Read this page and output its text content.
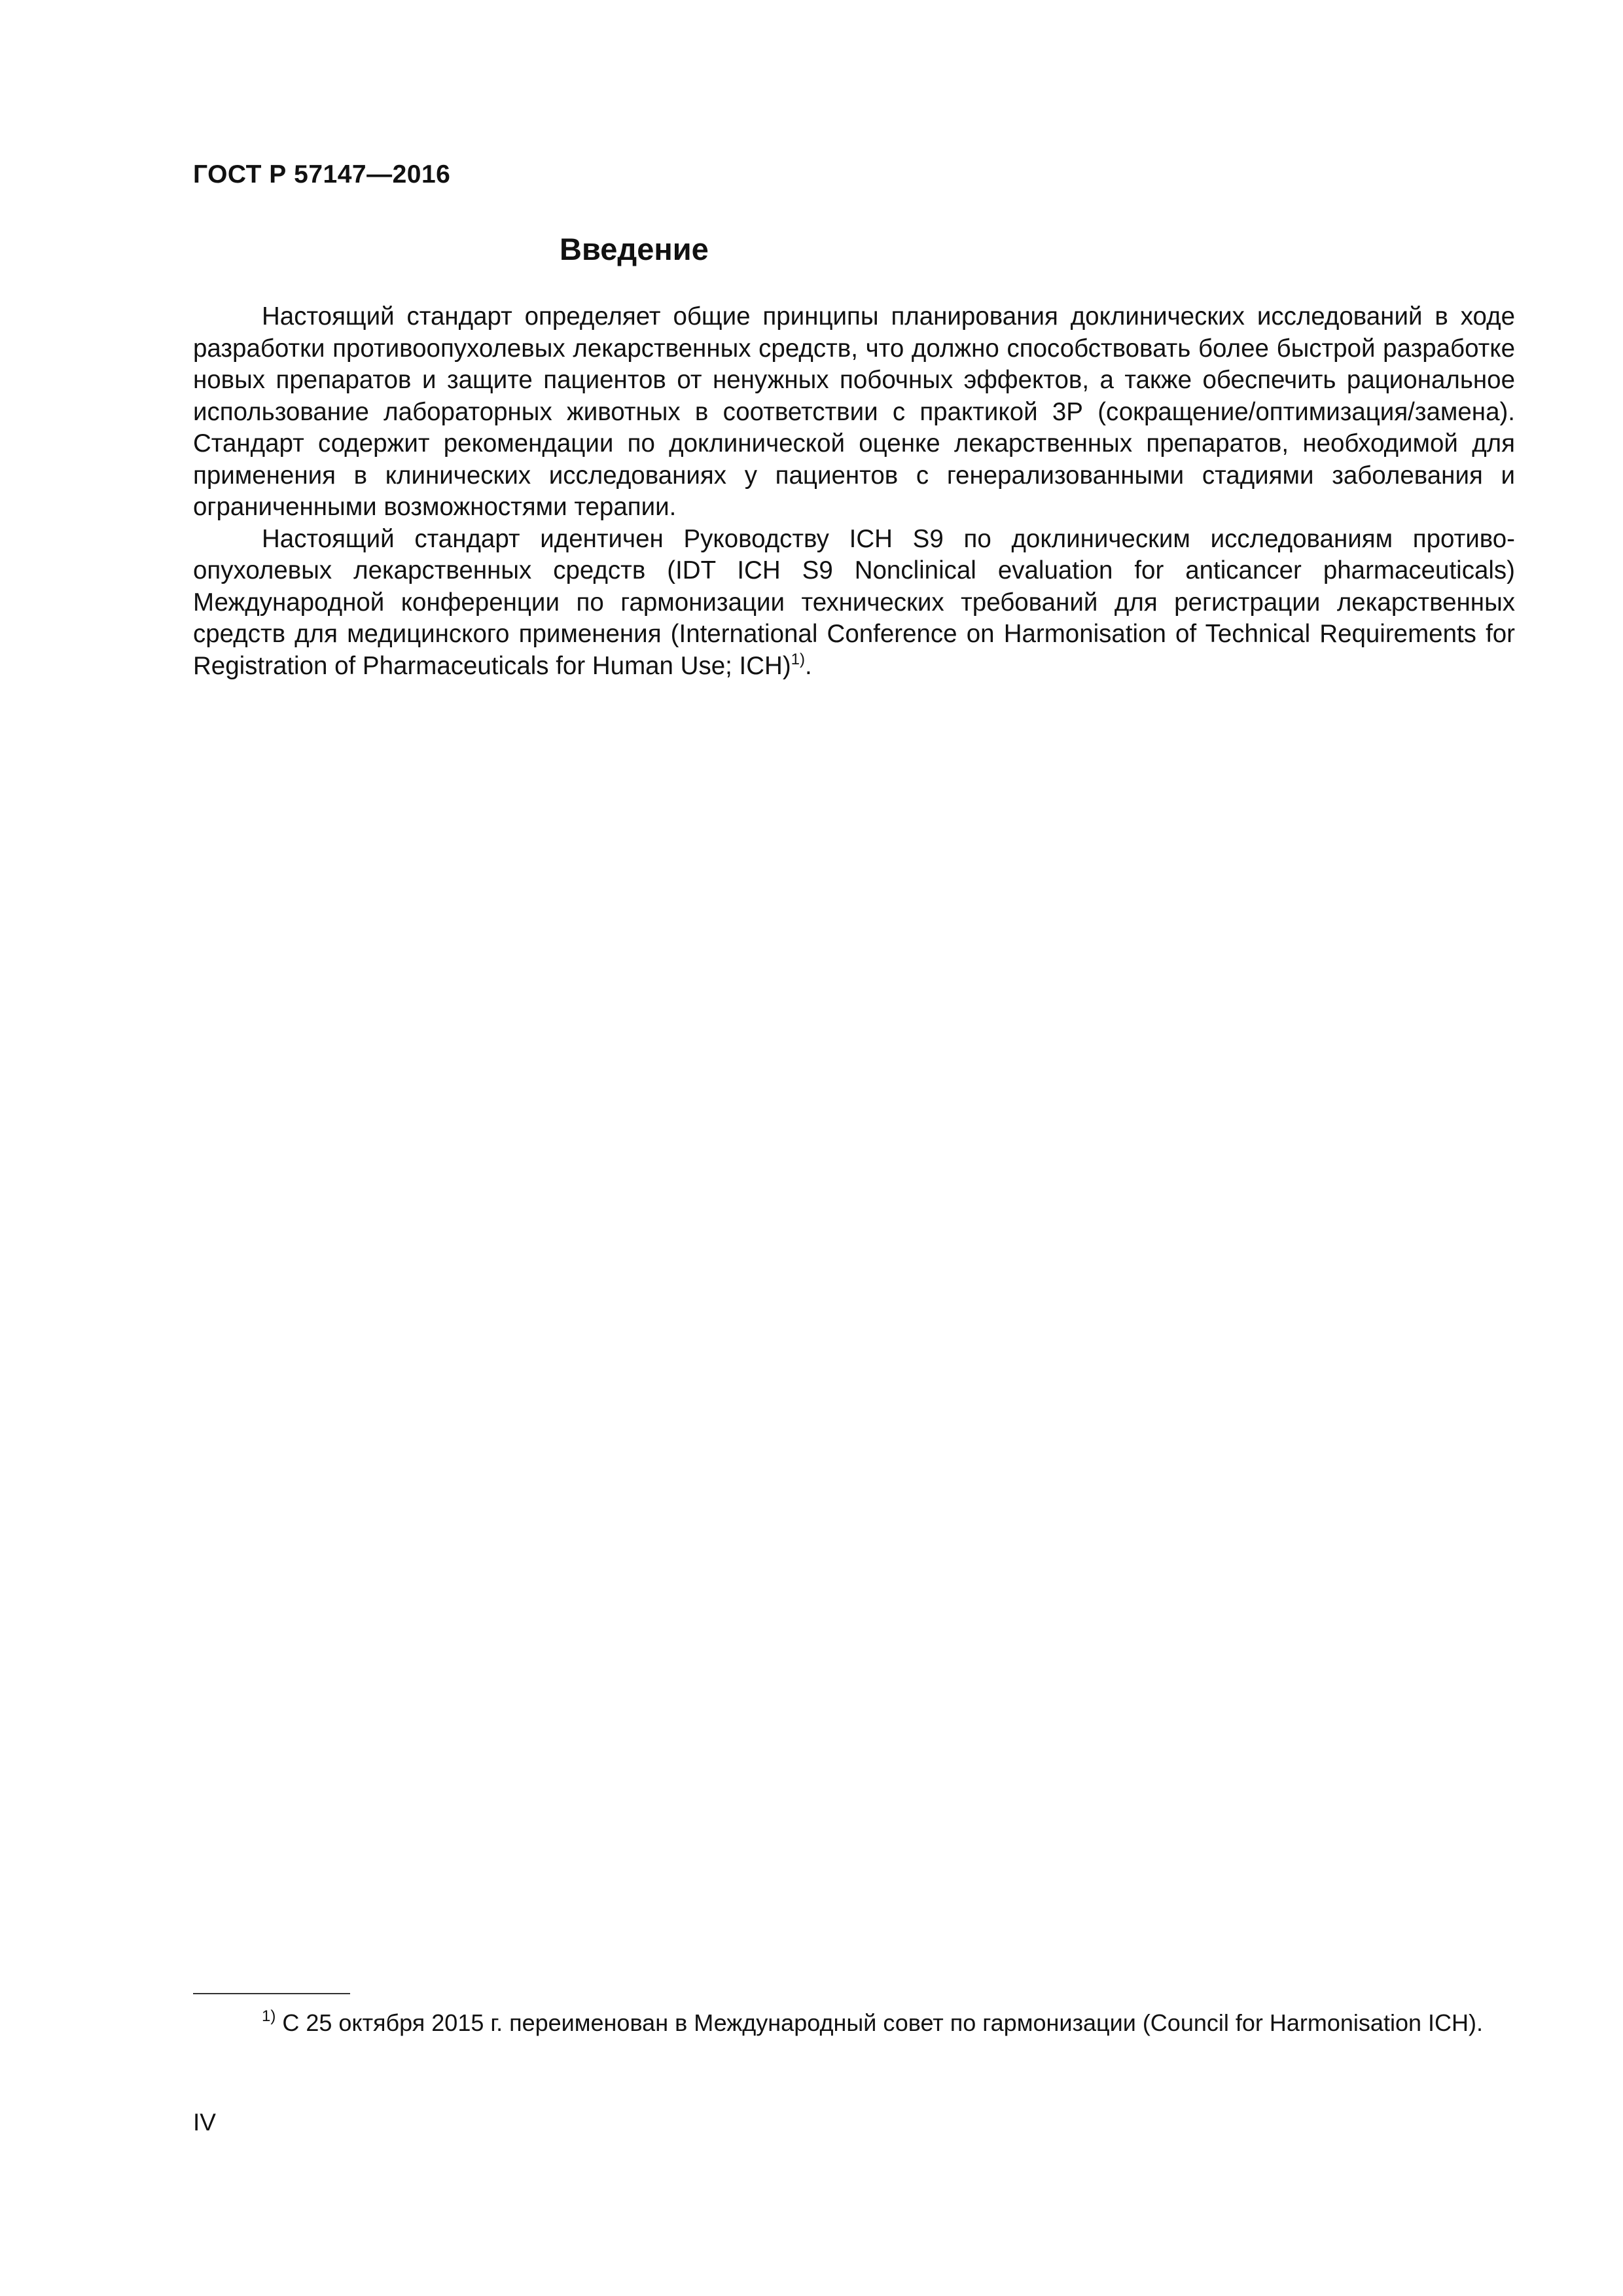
ГОСТ Р 57147—2016
Введение

Настоящий стандарт определяет общие принципы планирования доклинических исследований в ходе разработки противоопухолевых лекарственных средств, что должно способствовать более быстрой разработке новых препаратов и защите пациентов от ненужных побочных эффектов, а также обеспечить рациональное использование лабораторных животных в соответствии с практикой 3Р (сокращение/оптимизация/замена). Стандарт содержит рекомендации по доклинической оценке лекарственных препаратов, необходимой для применения в клинических исследованиях у пациентов с генерализованными стадиями заболевания и ограниченными возможностями терапии.

Настоящий стандарт идентичен Руководству ICH S9 по доклиническим исследованиям противоопухолевых лекарственных средств (IDT ICH S9 Nonclinical evaluation for anticancer pharmaceuticals) Международной конференции по гармонизации технических требований для регистрации лекарственных средств для медицинского применения (International Conference on Harmonisation of Technical Requirements for Registration of Pharmaceuticals for Human Use; ICH)$^{1)}$.

$^{1)}$ С 25 октября 2015 г. переименован в Международный совет по гармонизации (Council for Harmonisation ICH).
IV
